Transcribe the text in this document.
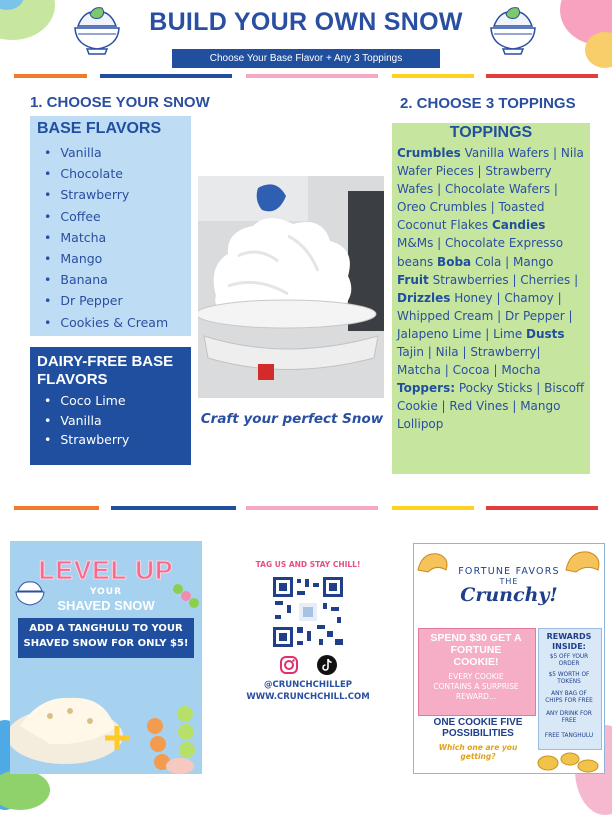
BUILD YOUR OWN SNOW
Choose Your Base Flavor + Any 3 Toppings
1. CHOOSE YOUR SNOW	2. CHOOSE 3 TOPPINGS
BASE FLAVORS
• Vanilla
• Chocolate
• Strawberry
• Coffee
• Matcha
• Mango
• Banana
• Dr Pepper
• Cookies & Cream
DAIRY-FREE BASE FLAVORS
• Coco Lime
• Vanilla
• Strawberry
Craft your perfect Snow
TOPPINGS
Crumbles Vanilla Wafers | Nila Wafer Pieces | Strawberry Wafes | Chocolate Wafers | Oreo Crumbles | Toasted Coconut Flakes Candies M&Ms | Chocolate Expresso beans Boba Cola | Mango Fruit Strawberries | Cherries | Drizzles Honey | Chamoy | Whipped Cream | Dr Pepper | Jalapeno Lime | Lime Dusts Tajin | Nila | Strawberry| Matcha | Cocoa | Mocha Toppers: Pocky Sticks | Biscoff Cookie | Red Vines | Mango Lollipop
LEVEL UP
YOUR
SHAVED SNOW
ADD A TANGHULU TO YOUR SHAVED SNOW FOR ONLY $5!
TAG US AND STAY CHILL!

@CRUNCHCHILLEP
WWW.CRUNCHCHILL.COM
FORTUNE FAVORS
THE
Crunchy!
SPEND $30 GET A FORTUNE COOKIE!
EVERY COOKIE CONTAINS A SURPRISE REWARD...
REWARDS INSIDE:
$5 OFF YOUR ORDER
$5 WORTH OF TOKENS
ANY BAG OF CHIPS FOR FREE
ANY DRINK FOR FREE
FREE TANGHULU
ONE COOKIE FIVE POSSIBILITIES
Which one are you getting?
